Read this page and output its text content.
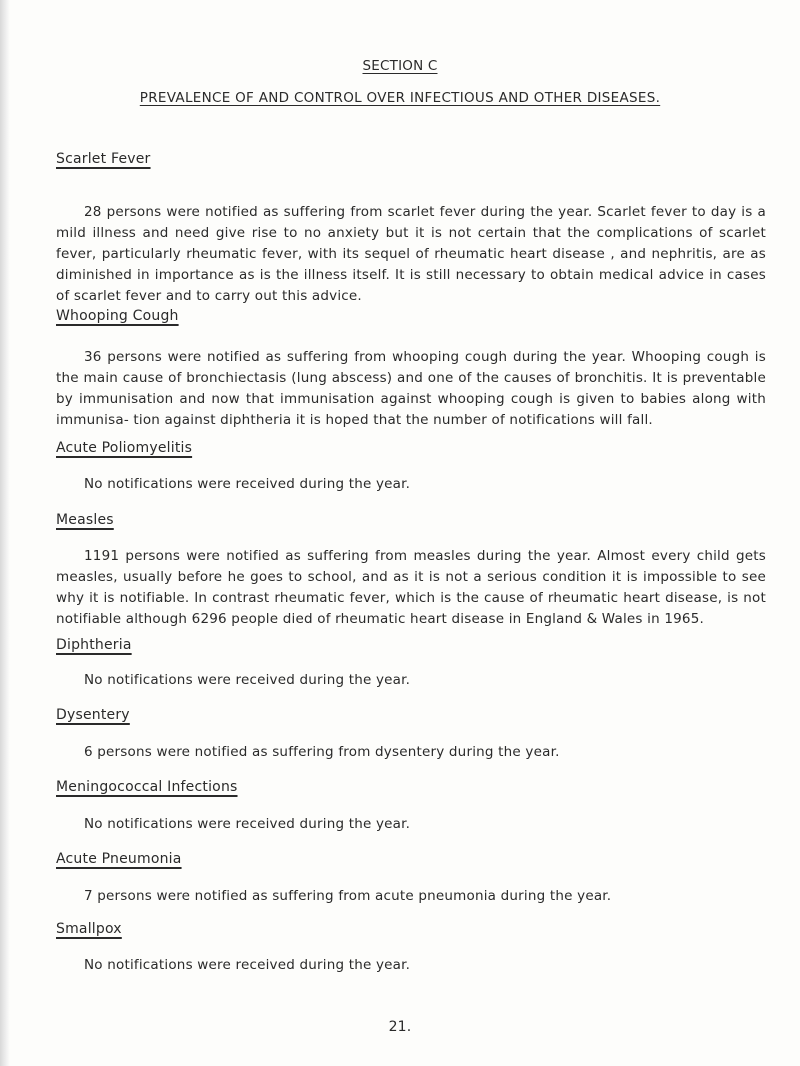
SECTION C
PREVALENCE OF AND CONTROL OVER INFECTIOUS AND OTHER DISEASES.
Scarlet Fever

28 persons were notified as suffering from scarlet fever during the year. Scarlet fever to day is a mild illness and need give rise to no anxiety but it is not certain that the complications of scarlet fever, particularly rheumatic fever, with its sequel of rheumatic heart disease , and nephritis, are as diminished in importance as is the illness itself. It is still necessary to obtain medical advice in cases of scarlet fever and to carry out this advice.

Whooping Cough

36 persons were notified as suffering from whooping cough during the year. Whooping cough is the main cause of bronchiectasis (lung abscess) and one of the causes of bronchitis. It is preventable by immunisation and now that immunisation against whooping cough is given to babies along with immunisa- tion against diphtheria it is hoped that the number of notifications will fall.

Acute Poliomyelitis
No notifications were received during the year.
Measles

1191 persons were notified as suffering from measles during the year. Almost every child gets measles, usually before he goes to school, and as it is not a serious condition it is impossible to see why it is notifiable. In contrast rheumatic fever, which is the cause of rheumatic heart disease, is not notifiable although 6296 people died of rheumatic heart disease in England & Wales in 1965.

Diphtheria
No notifications were received during the year.
Dysentery
6 persons were notified as suffering from dysentery during the year.
Meningococcal Infections
No notifications were received during the year.
Acute Pneumonia
7 persons were notified as suffering from acute pneumonia during the year.
Smallpox
No notifications were received during the year.
21.
